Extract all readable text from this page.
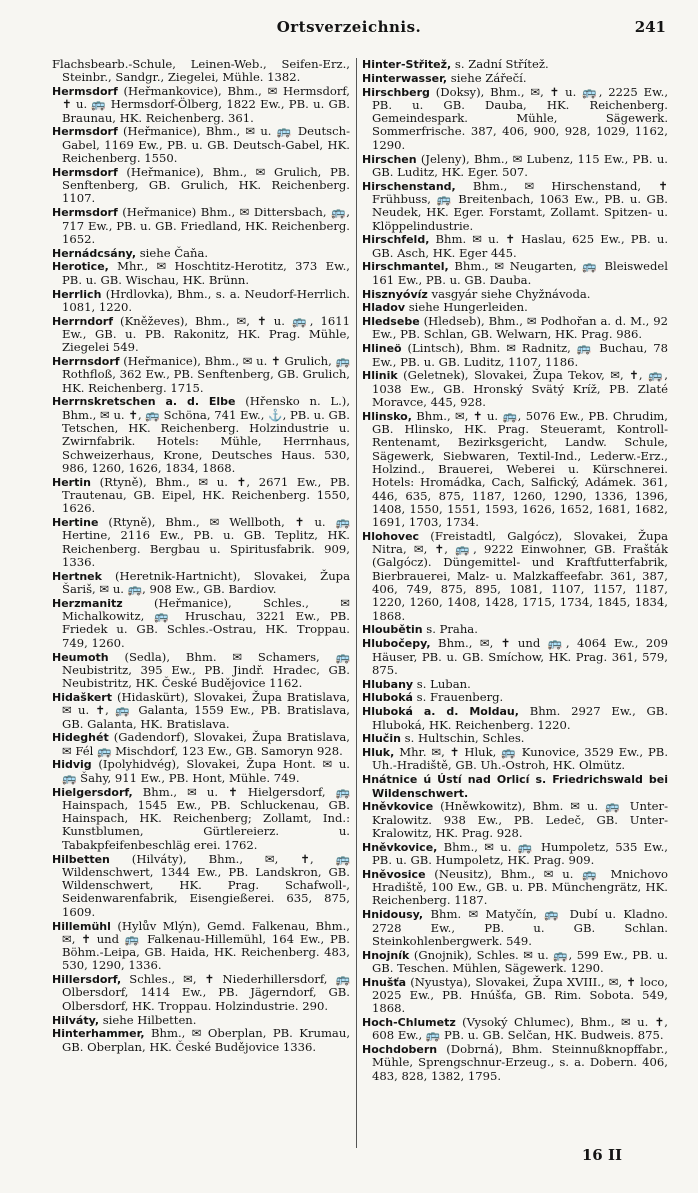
Ortsverzeichnis.	241
Flachsbearb.-Schule, Leinen-Web., Seifen-Erz., Steinbr., Sandgr., Ziegelei, Mühle. 1382.
Hermsdorf (Heřmankovice), Bhm., ✉ Hermsdorf, ✝ u. 🚌 Hermsdorf-Ölberg, 1822 Ew., PB. u. GB. Braunau, HK. Reichenberg. 361.
Hermsdorf (Heřmanice), Bhm., ✉ u. 🚌 Deutsch-Gabel, 1169 Ew., PB. u. GB. Deutsch-Gabel, HK. Reichenberg. 1550.
Hermsdorf (Heřmanice), Bhm., ✉ Grulich, PB. Senftenberg, GB. Grulich, HK. Reichenberg. 1107.
Hermsdorf (Heřmanice) Bhm., ✉ Dittersbach, 🚌, 717 Ew., PB. u. GB. Friedland, HK. Reichenberg. 1652.
Hernádcsány, siehe Čaňa.
Herotice, Mhr., ✉ Hoschtitz-Herotitz, 373 Ew., PB. u. GB. Wischau, HK. Brünn.
Herrlich (Hrdlovka), Bhm., s. a. Neudorf-Herrlich. 1081, 1220.
Herrndorf (Kněževes), Bhm., ✉, ✝ u. 🚌, 1611 Ew., GB. u. PB. Rakonitz, HK. Prag. Mühle, Ziegelei 549.
Herrnsdorf (Heřmanice), Bhm., ✉ u. ✝ Grulich, 🚌 Rothfloß, 362 Ew., PB. Senftenberg, GB. Grulich, HK. Reichenberg. 1715.
Herrnskretschen a. d. Elbe (Hřensko n. L.), Bhm., ✉ u. ✝, 🚌 Schöna, 741 Ew., ⚓, PB. u. GB. Tetschen, HK. Reichenberg. Holzindustrie u. Zwirnfabrik. Hotels: Mühle, Herrnhaus, Schweizerhaus, Krone, Deutsches Haus. 530, 986, 1260, 1626, 1834, 1868.
Hertin (Rtyně), Bhm., ✉ u. ✝, 2671 Ew., PB. Trautenau, GB. Eipel, HK. Reichenberg. 1550, 1626.
Hertine (Rtyně), Bhm., ✉ Wellboth, ✝ u. 🚌 Hertine, 2116 Ew., PB. u. GB. Teplitz, HK. Reichenberg. Bergbau u. Spiritusfabrik. 909, 1336.
Hertnek (Heretnik-Hartnicht), Slovakei, Župa Šariš, ✉ u. 🚌, 908 Ew., GB. Bardiov.
Herzmanitz (Heřmanice), Schles., ✉ Michalkowitz, 🚌 Hruschau, 3221 Ew., PB. Friedek u. GB. Schles.-Ostrau, HK. Troppau. 749, 1260.
Heumoth (Sedla), Bhm. ✉ Schamers, 🚌 Neubistritz, 395 Ew., PB. Jindř. Hradec, GB. Neubistritz, HK. České Budějovice 1162.
Hidaškert (Hidaskürt), Slovakei, Župa Bratislava, ✉ u. ✝, 🚌 Galanta, 1559 Ew., PB. Bratislava, GB. Galanta, HK. Bratislava.
Hideghét (Gadendorf), Slovakei, Župa Bratislava, ✉ Fél 🚌 Mischdorf, 123 Ew., GB. Samoryn 928.
Hidvig (Ipolyhidvég), Slovakei, Župa Hont. ✉ u. 🚌 Šahy, 911 Ew., PB. Hont, Mühle. 749.
Hielgersdorf, Bhm., ✉ u. ✝ Hielgersdorf, 🚌 Hainspach, 1545 Ew., PB. Schluckenau, GB. Hainspach, HK. Reichenberg; Zollamt, Ind.: Kunstblumen, Gürtlereierz. u. Tabakpfeifenbeschläg erei. 1762.
Hilbetten (Hilváty), Bhm., ✉, ✝, 🚌 Wildenschwert, 1344 Ew., PB. Landskron, GB. Wildenschwert, HK. Prag. Schafwoll-, Seidenwarenfabrik, Eisengießerei. 635, 875, 1609.
Hillemühl (Hylův Mlýn), Gemd. Falkenau, Bhm., ✉, ✝ und 🚌 Falkenau-Hillemühl, 164 Ew., PB. Böhm.-Leipa, GB. Haida, HK. Reichenberg. 483, 530, 1290, 1336.
Hillersdorf, Schles., ✉, ✝ Niederhillersdorf, 🚌 Olbersdorf, 1414 Ew., PB. Jägerndorf, GB. Olbersdorf, HK. Troppau. Holzindustrie. 290.
Hilváty, siehe Hilbetten.
Hinterhammer, Bhm., ✉ Oberplan, PB. Krumau, GB. Oberplan, HK. České Budějovice 1336.
Hinter-Střitež, s. Zadní Střítež.
Hinterwasser, siehe Zářečí.
Hirschberg (Doksy), Bhm., ✉, ✝ u. 🚌, 2225 Ew., PB. u. GB. Dauba, HK. Reichenberg. Gemeindespark. Mühle, Sägewerk. Sommerfrische. 387, 406, 900, 928, 1029, 1162, 1290.
Hirschen (Jeleny), Bhm., ✉ Lubenz, 115 Ew., PB. u. GB. Luditz, HK. Eger. 507.
Hirschenstand, Bhm., ✉ Hirschenstand, ✝ Frühbuss, 🚌 Breitenbach, 1063 Ew., PB. u. GB. Neudek, HK. Eger. Forstamt, Zollamt. Spitzen- u. Klöppelindustrie.
Hirschfeld, Bhm. ✉ u. ✝ Haslau, 625 Ew., PB. u. GB. Asch, HK. Eger 445.
Hirschmantel, Bhm., ✉ Neugarten, 🚌 Bleiswedel 161 Ew., PB. u. GB. Dauba.
Hisznyóvíz vasgyár siehe Chyžnávoda.
Hladov siehe Hungerleiden.
Hledsebe (Hledseb), Bhm., ✉ Podhořan a. d. M., 92 Ew., PB. Schlan, GB. Welwarn, HK. Prag. 986.
Hlineö (Lintsch), Bhm. ✉ Radnitz, 🚌 Buchau, 78 Ew., PB. u. GB. Luditz, 1107, 1186.
Hlinik (Geletnek), Slovakei, Župa Tekov, ✉, ✝, 🚌, 1038 Ew., GB. Hronský Svätý Kríž, PB. Zlaté Moravce, 445, 928.
Hlinsko, Bhm., ✉, ✝ u. 🚌, 5076 Ew., PB. Chrudim, GB. Hlinsko, HK. Prag. Steueramt, Kontroll-Rentenamt, Bezirksgericht, Landw. Schule, Sägewerk, Siebwaren, Textil-Ind., Lederw.-Erz., Holzind., Brauerei, Weberei u. Kürschnerei. Hotels: Hromádka, Cach, Salfický, Adámek. 361, 446, 635, 875, 1187, 1260, 1290, 1336, 1396, 1408, 1550, 1551, 1593, 1626, 1652, 1681, 1682, 1691, 1703, 1734.
Hlohovec (Freistadtl, Galgócz), Slovakei, Župa Nitra, ✉, ✝, 🚌, 9222 Einwohner, GB. Frašták (Galgócz). Düngemittel- und Kraftfutterfabrik, Bierbrauerei, Malz- u. Malzkaffeefabr. 361, 387, 406, 749, 875, 895, 1081, 1107, 1157, 1187, 1220, 1260, 1408, 1428, 1715, 1734, 1845, 1834, 1868.
Hloubětin s. Praha.
Hlubočepy, Bhm., ✉, ✝ und 🚌, 4064 Ew., 209 Häuser, PB. u. GB. Smíchow, HK. Prag. 361, 579, 875.
Hlubany s. Luban.
Hluboká s. Frauenberg.
Hluboká a. d. Moldau, Bhm. 2927 Ew., GB. Hluboká, HK. Reichenberg. 1220.
Hlučin s. Hultschin, Schles.
Hluk, Mhr. ✉, ✝ Hluk, 🚌 Kunovice, 3529 Ew., PB. Uh.-Hradiště, GB. Uh.-Ostroh, HK. Olmütz.
Hnátnice ú Ústí nad Orlicí s. Friedrichswald bei Wildenschwert.
Hněvkovice (Hněwkowitz), Bhm. ✉ u. 🚌 Unter-Kralowitz. 938 Ew., PB. Ledeč, GB. Unter-Kralowitz, HK. Prag. 928.
Hněvkovice, Bhm., ✉ u. 🚌 Humpoletz, 535 Ew., PB. u. GB. Humpoletz, HK. Prag. 909.
Hněvosice (Neusitz), Bhm., ✉ u. 🚌 Mnichovo Hradiště, 100 Ew., GB. u. PB. Münchengrätz, HK. Reichenberg. 1187.
Hnidousy, Bhm. ✉ Matyčín, 🚌 Dubí u. Kladno. 2728 Ew., PB. u. GB. Schlan. Steinkohlenbergwerk. 549.
Hnojník (Gnojnik), Schles. ✉ u. 🚌, 599 Ew., PB. u. GB. Teschen. Mühlen, Sägewerk. 1290.
Hnušťa (Nyustya), Slovakei, Župa XVIII., ✉, ✝ loco, 2025 Ew., PB. Hnúšťa, GB. Rim. Sobota. 549, 1868.
Hoch-Chlumetz (Vysoký Chlumec), Bhm., ✉ u. ✝, 608 Ew., 🚌 PB. u. GB. Selčan, HK. Budweis. 875.
Hochdobern (Dobrná), Bhm. Steinnußknopffabr., Mühle, Sprengschnur-Erzeug., s. a. Dobern. 406, 483, 828, 1382, 1795.
16 II
